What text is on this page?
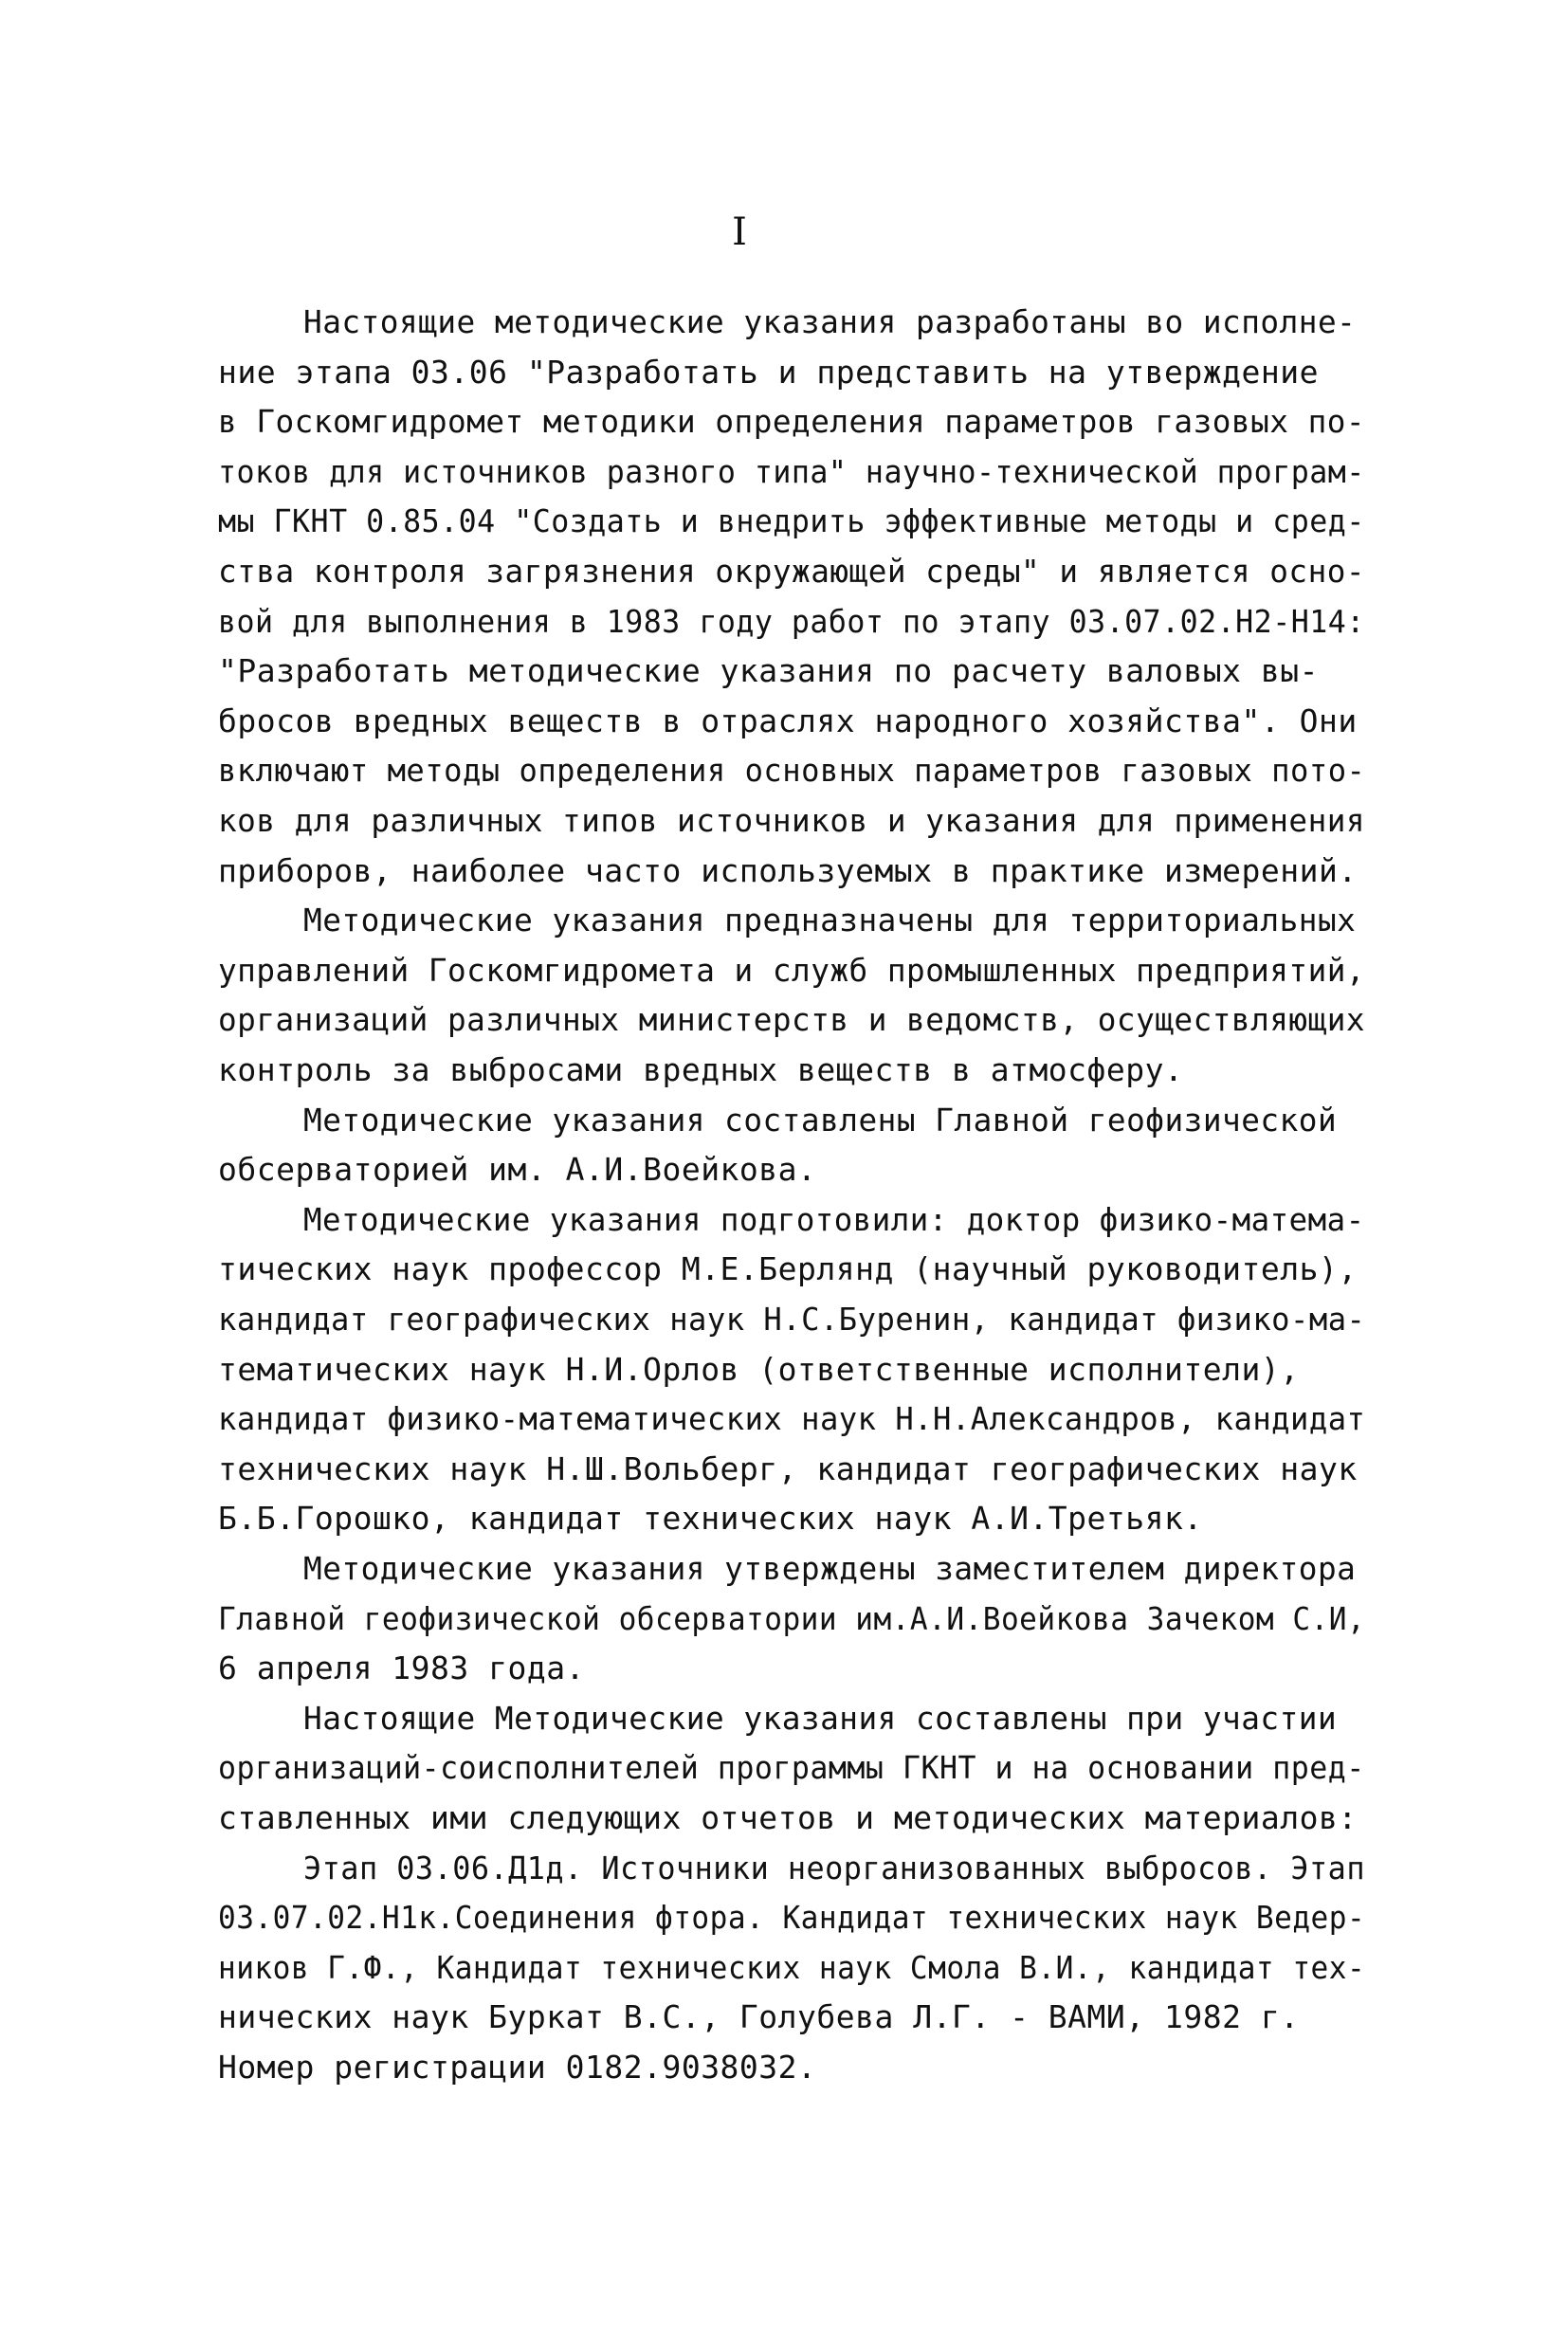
I
Настоящие методические указания разработаны во исполне-
ние этапа 03.06 "Разработать и представить на утверждение
в Госкомгидромет методики определения параметров газовых по-
токов для источников разного типа" научно-технической програм-
мы ГКНТ 0.85.04 "Создать и внедрить эффективные методы и сред-
ства контроля загрязнения окружающей среды" и является осно-
вой для выполнения в 1983 году работ по этапу 03.07.02.Н2-Н14:
"Разработать методические указания по расчету валовых вы-
бросов вредных веществ в отраслях народного хозяйства". Они
включают методы определения основных параметров газовых пото-
ков для различных типов источников и указания для применения
приборов, наиболее часто используемых в практике измерений.
Методические указания предназначены для территориальных
управлений Госкомгидромета и служб промышленных предприятий,
организаций различных министерств и ведомств, осуществляющих
контроль за выбросами вредных веществ в атмосферу.
Методические указания составлены Главной геофизической
обсерваторией им. А.И.Воейкова.
Методические указания подготовили: доктор физико-матема-
тических наук профессор М.Е.Берлянд (научный руководитель),
кандидат географических наук Н.С.Буренин, кандидат физико-ма-
тематических наук Н.И.Орлов (ответственные исполнители),
кандидат физико-математических наук Н.Н.Александров, кандидат
технических наук Н.Ш.Вольберг, кандидат географических наук
Б.Б.Горошко, кандидат технических наук А.И.Третьяк.
Методические указания утверждены заместителем директора
Главной геофизической обсерватории им.А.И.Воейкова Зачеком С.И,
6 апреля 1983 года.
Настоящие Методические указания составлены при участии
организаций-соисполнителей программы ГКНТ и на основании пред-
ставленных ими следующих отчетов и методических материалов:
Этап 03.06.Д1д. Источники неорганизованных выбросов. Этап
03.07.02.Н1к.Соединения фтора. Кандидат технических наук Ведер-
ников Г.Ф., Кандидат технических наук Смола В.И., кандидат тех-
нических наук Буркат В.С., Голубева Л.Г. - ВАМИ, 1982 г.
Номер регистрации 0182.9038032.
